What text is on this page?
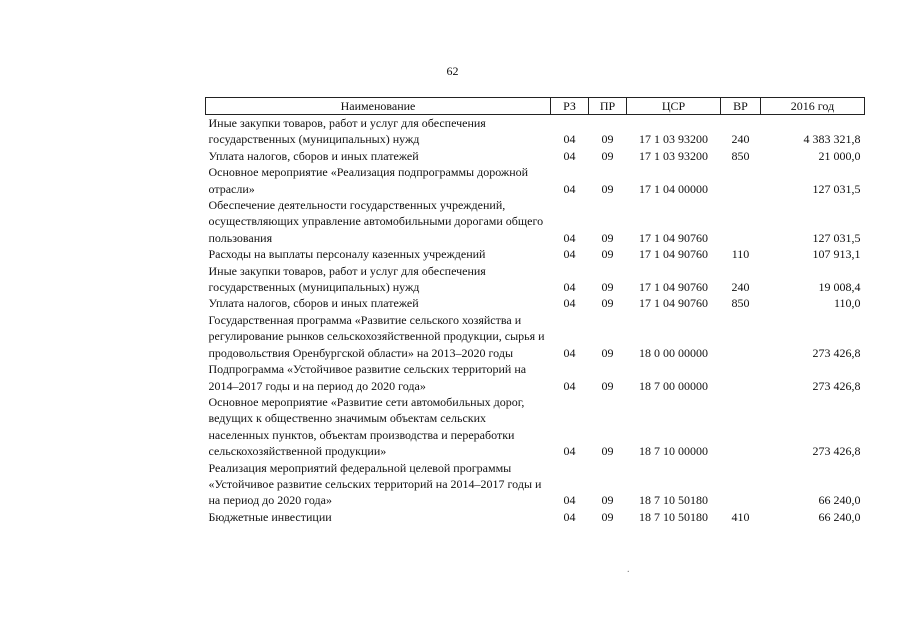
62
Наименование	РЗ	ПР	ЦСР	ВР	2016 год
Иные закупки товаров, работ и услуг для обеспечения государственных (муниципальных) нужд	04	09	17 1 03 93200	240	4 383 321,8
Уплата налогов, сборов и иных платежей	04	09	17 1 03 93200	850	21 000,0
Основное мероприятие «Реализация подпрограммы дорожной отрасли»	04	09	17 1 04 00000		127 031,5
Обеспечение деятельности государственных учреждений, осуществляющих управление автомобильными дорогами общего пользования	04	09	17 1 04 90760		127 031,5
Расходы на выплаты персоналу казенных учреждений	04	09	17 1 04 90760	110	107 913,1
Иные закупки товаров, работ и услуг для обеспечения государственных (муниципальных) нужд	04	09	17 1 04 90760	240	19 008,4
Уплата налогов, сборов и иных платежей	04	09	17 1 04 90760	850	110,0
Государственная программа «Развитие сельского хозяйства и регулирование рынков сельскохозяйственной продукции, сырья и продовольствия Оренбургской области» на 2013–2020 годы	04	09	18 0 00 00000		273 426,8
Подпрограмма «Устойчивое развитие сельских территорий на 2014–2017 годы и на период до 2020 года»	04	09	18 7 00 00000		273 426,8
Основное мероприятие «Развитие сети автомобильных дорог, ведущих к общественно значимым объектам сельских населенных пунктов, объектам производства и переработки сельскохозяйственной продукции»	04	09	18 7 10 00000		273 426,8
Реализация мероприятий федеральной целевой программы «Устойчивое развитие сельских территорий на 2014–2017 годы и на период до 2020 года»	04	09	18 7 10 50180		66 240,0
Бюджетные инвестиции	04	09	18 7 10 50180	410	66 240,0
.
